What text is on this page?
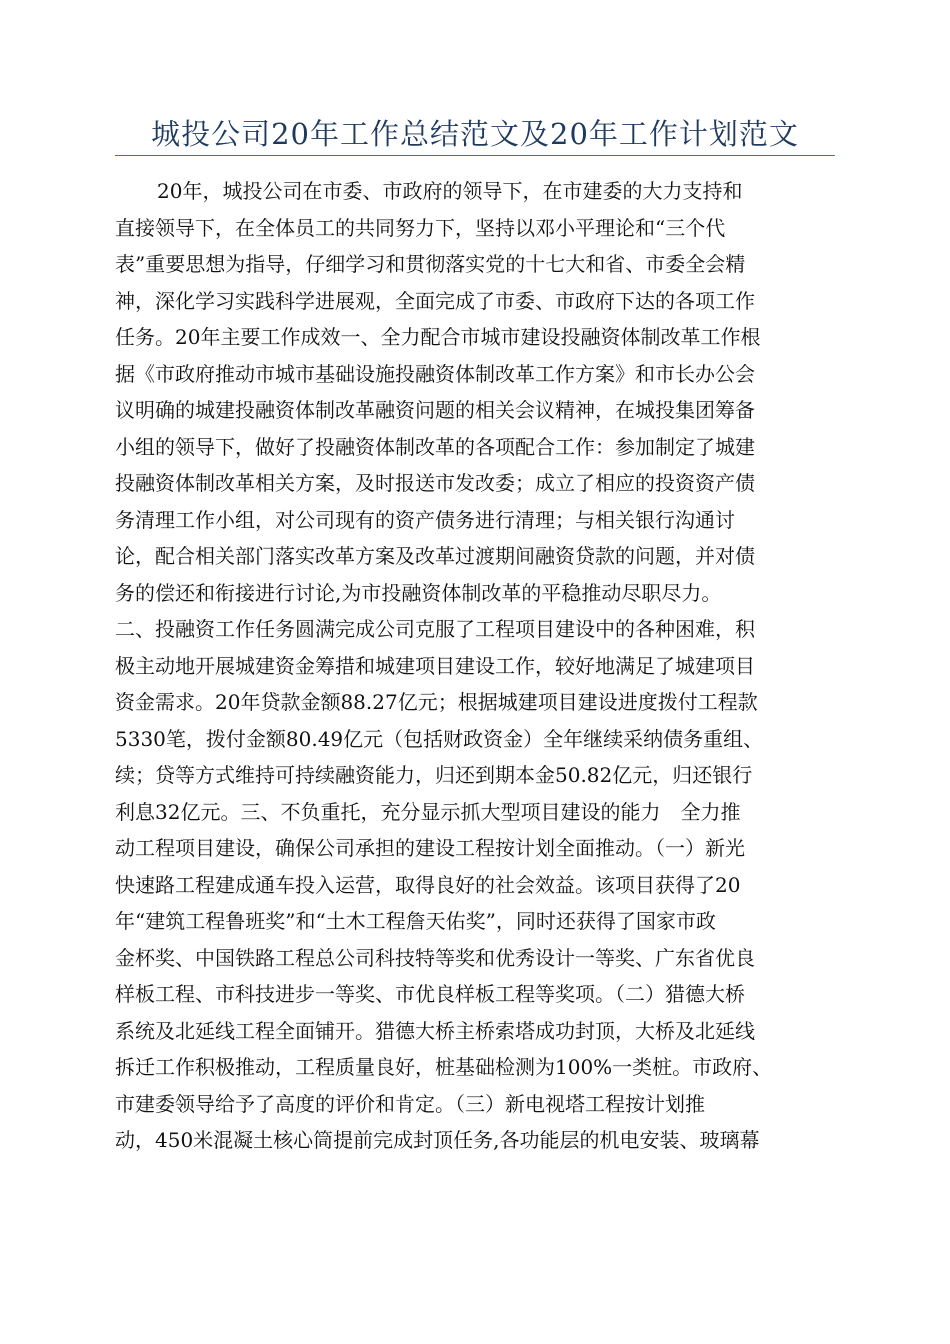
城投公司20年工作总结范文及20年工作计划范文
20年，城投公司在市委、市政府的领导下，在市建委的大力支持和
直接领导下，在全体员工的共同努力下，坚持以邓小平理论和“三个代
表”重要思想为指导，仔细学习和贯彻落实党的十七大和省、市委全会精
神，深化学习实践科学进展观，全面完成了市委、市政府下达的各项工作
任务。20年主要工作成效一、全力配合市城市建设投融资体制改革工作根
据《市政府推动市城市基础设施投融资体制改革工作方案》和市长办公会
议明确的城建投融资体制改革融资问题的相关会议精神，在城投集团筹备
小组的领导下，做好了投融资体制改革的各项配合工作：参加制定了城建
投融资体制改革相关方案，及时报送市发改委；成立了相应的投资资产债
务清理工作小组，对公司现有的资产债务进行清理；与相关银行沟通讨
论，配合相关部门落实改革方案及改革过渡期间融资贷款的问题，并对债
务的偿还和衔接进行讨论,为市投融资体制改革的平稳推动尽职尽力。
二、投融资工作任务圆满完成公司克服了工程项目建设中的各种困难，积
极主动地开展城建资金筹措和城建项目建设工作，较好地满足了城建项目
资金需求。20年贷款金额88.27亿元；根据城建项目建设进度拨付工程款
5330笔，拨付金额80.49亿元（包括财政资金）全年继续采纳债务重组、
续；贷等方式维持可持续融资能力，归还到期本金50.82亿元，归还银行
利息32亿元。三、不负重托，充分显示抓大型项目建设的能力　全力推
动工程项目建设，确保公司承担的建设工程按计划全面推动。（一）新光
快速路工程建成通车投入运营，取得良好的社会效益。该项目获得了20
年“建筑工程鲁班奖”和“土木工程詹天佑奖”，同时还获得了国家市政
金杯奖、中国铁路工程总公司科技特等奖和优秀设计一等奖、广东省优良
样板工程、市科技进步一等奖、市优良样板工程等奖项。（二）猎德大桥
系统及北延线工程全面铺开。猎德大桥主桥索塔成功封顶，大桥及北延线
拆迁工作积极推动，工程质量良好，桩基础检测为100%一类桩。市政府、
市建委领导给予了高度的评价和肯定。（三）新电视塔工程按计划推
动，450米混凝土核心筒提前完成封顶任务,各功能层的机电安装、玻璃幕
